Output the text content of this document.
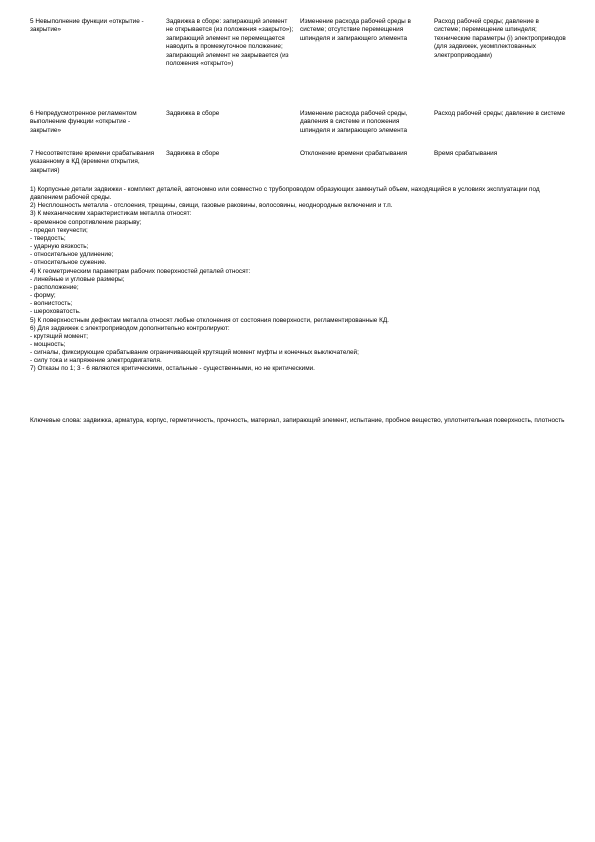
5 Невыполнение функции «открытие - закрытие»	Задвижка в сборе: запирающий элемент не открывается (из положения «закрыто»); запирающий элемент не перемещается наводить в промежуточное положение; запирающий элемент не закрывается (из положения «открыто»)	Изменение расхода рабочей среды в системе; отсутствие перемещения шпинделя и запирающего элемента	Расход рабочей среды; давление в системе; перемещение шпинделя; технические параметры (i) электроприводов (для задвижек, укомплектованных электроприводами)
6 Непредусмотренное регламентом выполнение функции «открытие - закрытие»	Задвижка в сборе	Изменение расхода рабочей среды, давления в системе и положения шпинделя и запирающего элемента	Расход рабочей среды; давление в системе
7 Несоответствие времени срабатывания указанному в КД (времени открытия, закрытия)	Задвижка в сборе	Отклонение времени срабатывания	Время срабатывания
1) Корпусные детали задвижки - комплект деталей, автономно или совместно с трубопроводом образующих замкнутый объем, находящийся в условиях эксплуатации под давлением рабочей среды.
2) Несплошность металла - отслоения, трещины, свищи, газовые раковины, волосовины, неоднородные включения и т.п.
3) К механическим характеристикам металла относят:
- временное сопротивление разрыву;
- предел текучести;
- твердость;
- ударную вязкость;
- относительное удлинение;
- относительное сужение.
4) К геометрическим параметрам рабочих поверхностей деталей относят:
- линейные и угловые размеры;
- расположение;
- форму;
- волнистость;
- шероховатость.
5) К поверхностным дефектам металла относят любые отклонения от состояния поверхности, регламентированные КД.
6) Для задвижек с электроприводом дополнительно контролируют:
- крутящий момент;
- мощность;
- сигналы, фиксирующие срабатывание ограничивающей крутящий момент муфты и конечных выключателей;
- силу тока и напряжение электродвигателя.
7) Отказы по 1; 3 - 6 являются критическими, остальные - существенными, но не критическими.
Ключевые слова: задвижка, арматура, корпус, герметичность, прочность, материал, запирающий элемент, испытание, пробное вещество, уплотнительная поверхность, плотность
